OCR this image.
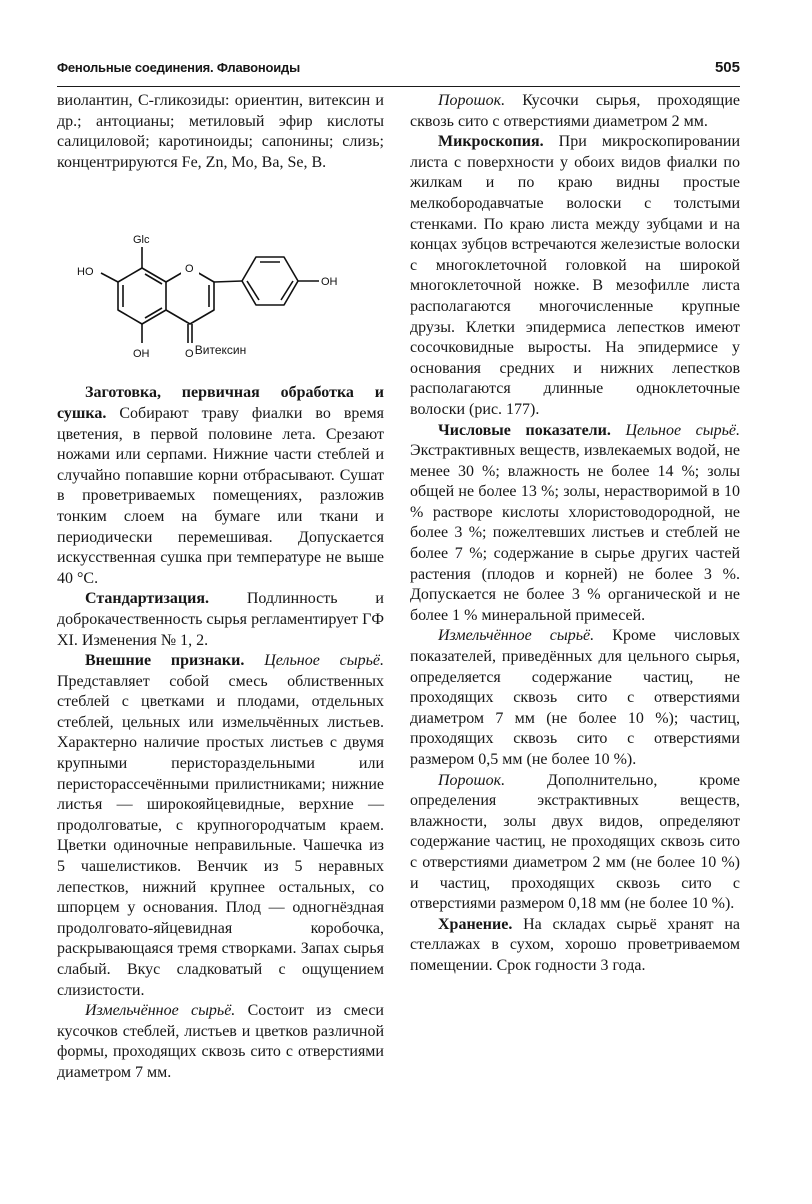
Фенольные соединения. Флавоноиды	505

виолантин, С-гликозиды: ориентин, витексин и др.; антоцианы; метиловый эфир кислоты салициловой; каротиноиды; сапонины; слизь; концентрируются Fe, Zn, Mo, Ba, Se, B.

Glc
HO	O
OH
OH	O Витексин

Заготовка, первичная обработка и сушка. Собирают траву фиалки во время цветения, в первой половине лета. Срезают ножами или серпами. Нижние части стеблей и случайно попавшие корни отбрасывают. Сушат в проветриваемых помещениях, разложив тонким слоем на бумаге или ткани и периодически перемешивая. Допускается искусственная сушка при температуре не выше 40 °С.

Стандартизация. Подлинность и доброкачественность сырья регламентирует ГФ XI. Изменения № 1, 2.

Внешние признаки. Цельное сырьё. Представляет собой смесь облиственных стеблей с цветками и плодами, отдельных стеблей, цельных или измельчённых листьев. Характерно наличие простых листьев с двумя крупными перисторaздельными или перисторассечёнными прилистниками; нижние листья — широкояйцевидные, верхние — продолговатые, с крупногородчатым краем. Цветки одиночные неправильные. Чашечка из 5 чашелистиков. Венчик из 5 неравных лепестков, нижний крупнее остальных, со шпорцем у основания. Плод — одногнёздная продолговато-яйцевидная коробочка, раскрывающаяся тремя створками. Запах сырья слабый. Вкус сладковатый с ощущением слизистости.

Измельчённое сырьё. Состоит из смеси кусочков стеблей, листьев и цветков различной формы, проходящих сквозь сито с отверстиями диаметром 7 мм.

Порошок. Кусочки сырья, проходящие сквозь сито с отверстиями диаметром 2 мм.

Микроскопия. При микроскопировании листа с поверхности у обоих видов фиалки по жилкам и по краю видны простые мелкобородавчатые волоски с толстыми стенками. По краю листа между зубцами и на концах зубцов встречаются железистые волоски с многоклеточной головкой на широкой многоклеточной ножке. В мезофилле листа располагаются многочисленные крупные друзы. Клетки эпидермиса лепестков имеют сосочковидные выросты. На эпидермисе у основания средних и нижних лепестков располагаются длинные одноклеточные волоски (рис. 177).

Числовые показатели. Цельное сырьё. Экстрактивных веществ, извлекаемых водой, не менее 30 %; влажность не более 14 %; золы общей не более 13 %; золы, нерастворимой в 10 % растворе кислоты хлористоводородной, не более 3 %; пожелтевших листьев и стеблей не более 7 %; содержание в сырье других частей растения (плодов и корней) не более 3 %. Допускается не более 3 % органической и не более 1 % минеральной примесей.

Измельчённое сырьё. Кроме числовых показателей, приведённых для цельного сырья, определяется содержание частиц, не проходящих сквозь сито с отверстиями диаметром 7 мм (не более 10 %); частиц, проходящих сквозь сито с отверстиями размером 0,5 мм (не более 10 %).

Порошок. Дополнительно, кроме определения экстрактивных веществ, влажности, золы двух видов, определяют содержание частиц, не проходящих сквозь сито с отверстиями диаметром 2 мм (не более 10 %) и частиц, проходящих сквозь сито с отверстиями размером 0,18 мм (не более 10 %).

Хранение. На складах сырьё хранят на стеллажах в сухом, хорошо проветриваемом помещении. Срок годности 3 года.
